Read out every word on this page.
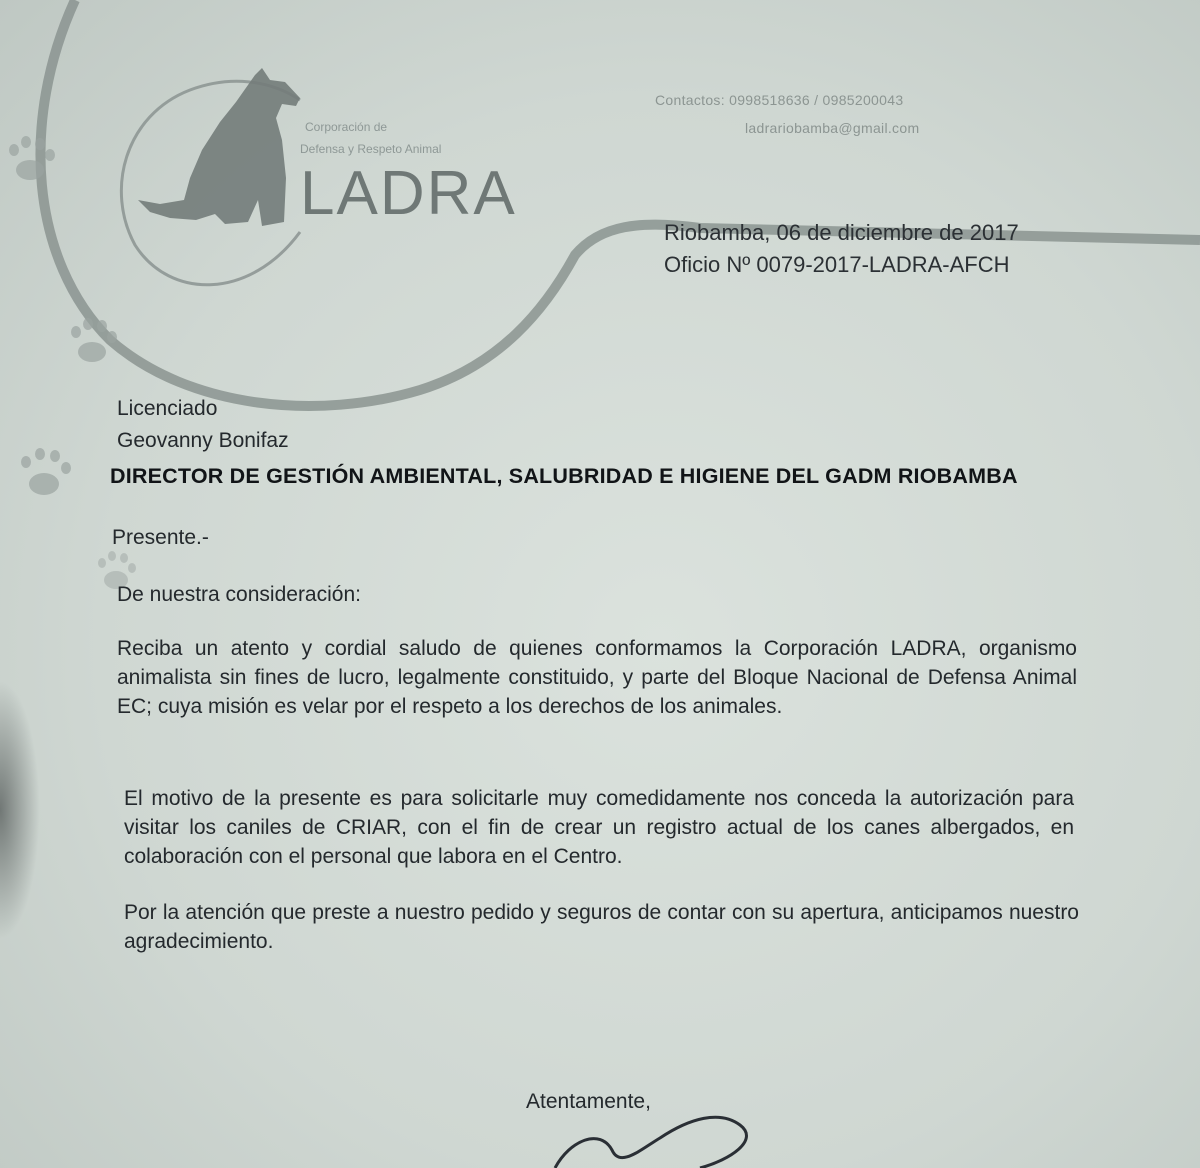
Corporación de
Defensa y Respeto Animal
LADRA
Contactos: 0998518636 / 0985200043
ladrariobamba@gmail.com
Riobamba, 06 de diciembre de 2017
Oficio Nº 0079-2017-LADRA-AFCH
Licenciado
Geovanny Bonifaz
DIRECTOR DE GESTIÓN AMBIENTAL, SALUBRIDAD E HIGIENE DEL GADM RIOBAMBA
Presente.-
De nuestra consideración:
Reciba un atento y cordial saludo de quienes conformamos la Corporación LADRA, organismo animalista sin fines de lucro, legalmente constituido, y parte del Bloque Nacional de Defensa Animal EC; cuya misión es velar por el respeto a los derechos de los animales.
El motivo de la presente es para solicitarle muy comedidamente nos conceda la autorización para visitar los caniles de CRIAR, con el fin de crear un registro actual de los canes albergados, en colaboración con el personal que labora en el Centro.
Por la atención que preste a nuestro pedido y seguros de contar con su apertura, anticipamos nuestro agradecimiento.
Atentamente,
